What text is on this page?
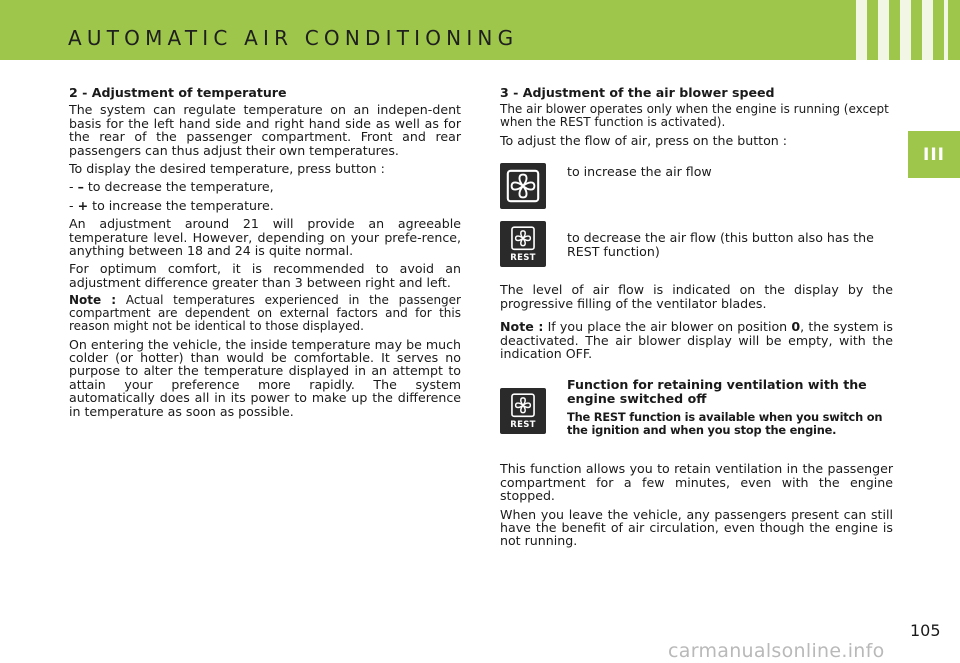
AUTOMATIC AIR CONDITIONING
III

2 - Adjustment of temperature

The system can regulate temperature on an indepen-dent basis for the left hand side and right hand side as well as for the rear of the passenger compartment. Front and rear passengers can thus adjust their own temperatures.

To display the desired temperature, press button :

- – to decrease the temperature,

- + to increase the temperature.

An adjustment around 21 will provide an agreeable temperature level. However, depending on your prefe-rence, anything between 18 and 24 is quite normal.

For optimum comfort, it is recommended to avoid an adjustment difference greater than 3 between right and left.

Note : Actual temperatures experienced in the passenger compartment are dependent on external factors and for this reason might not be identical to those displayed.

On entering the vehicle, the inside temperature may be much colder (or hotter) than would be comfortable. It serves no purpose to alter the temperature displayed in an attempt to attain your preference more rapidly. The system automatically does all in its power to make up the difference in temperature as soon as possible.

3 - Adjustment of the air blower speed

The air blower operates only when the engine is running (except when the REST function is activated).

To adjust the flow of air, press on the button :

to increase the air flow
REST
to decrease the air flow (this button also has the REST function)

The level of air flow is indicated on the display by the progressive filling of the ventilator blades.

Note : If you place the air blower on position 0, the system is deactivated. The air blower display will be empty, with the indication OFF.

REST
Function for retaining ventilation with the engine switched off
The REST function is available when you switch on the ignition and when you stop the engine.

This function allows you to retain ventilation in the passenger compartment for a few minutes, even with the engine stopped.

When you leave the vehicle, any passengers present can still have the benefit of air circulation, even though the engine is not running.

105
carmanualsonline.info
